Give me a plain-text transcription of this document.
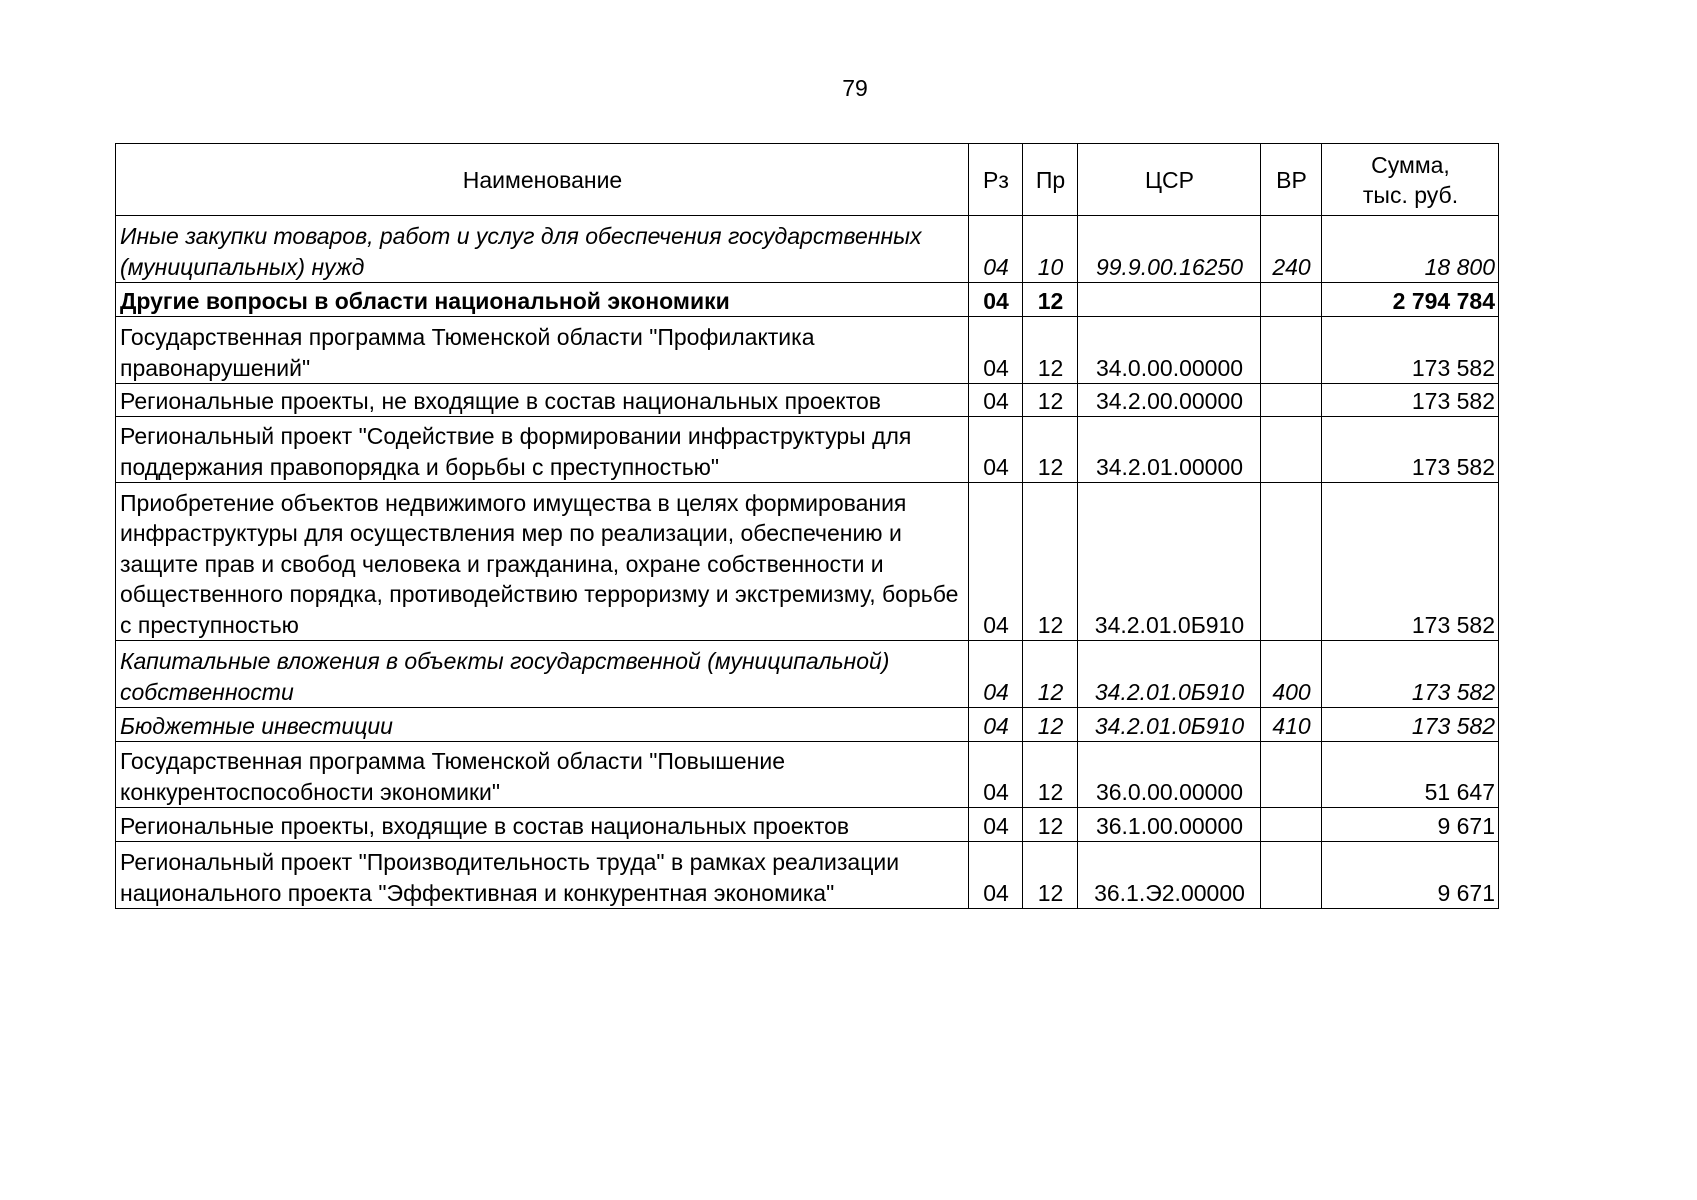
79
Наименование	Рз	Пр	ЦСР	ВР	Сумма,
тыс. руб.
Иные закупки товаров, работ и услуг для обеспечения государственных (муниципальных) нужд	04	10	99.9.00.16250	240	18 800
Другие вопросы в области национальной экономики	04	12			2 794 784
Государственная программа Тюменской области "Профилактика правонарушений"	04	12	34.0.00.00000		173 582
Региональные проекты, не входящие в состав национальных проектов	04	12	34.2.00.00000		173 582
Региональный проект "Содействие в формировании инфраструктуры для поддержания правопорядка и борьбы с преступностью"	04	12	34.2.01.00000		173 582
Приобретение объектов недвижимого имущества в целях формирования инфраструктуры для осуществления мер по реализации, обеспечению и защите прав и свобод человека и гражданина, охране собственности и общественного порядка, противодействию терроризму и экстремизму, борьбе с преступностью	04	12	34.2.01.0Б910		173 582
Капитальные вложения в объекты государственной (муниципальной) собственности	04	12	34.2.01.0Б910	400	173 582
Бюджетные инвестиции	04	12	34.2.01.0Б910	410	173 582
Государственная программа Тюменской области "Повышение конкурентоспособности экономики"	04	12	36.0.00.00000		51 647
Региональные проекты, входящие в состав национальных проектов	04	12	36.1.00.00000		9 671
Региональный проект "Производительность труда" в рамках реализации национального проекта "Эффективная и конкурентная экономика"	04	12	36.1.Э2.00000		9 671
